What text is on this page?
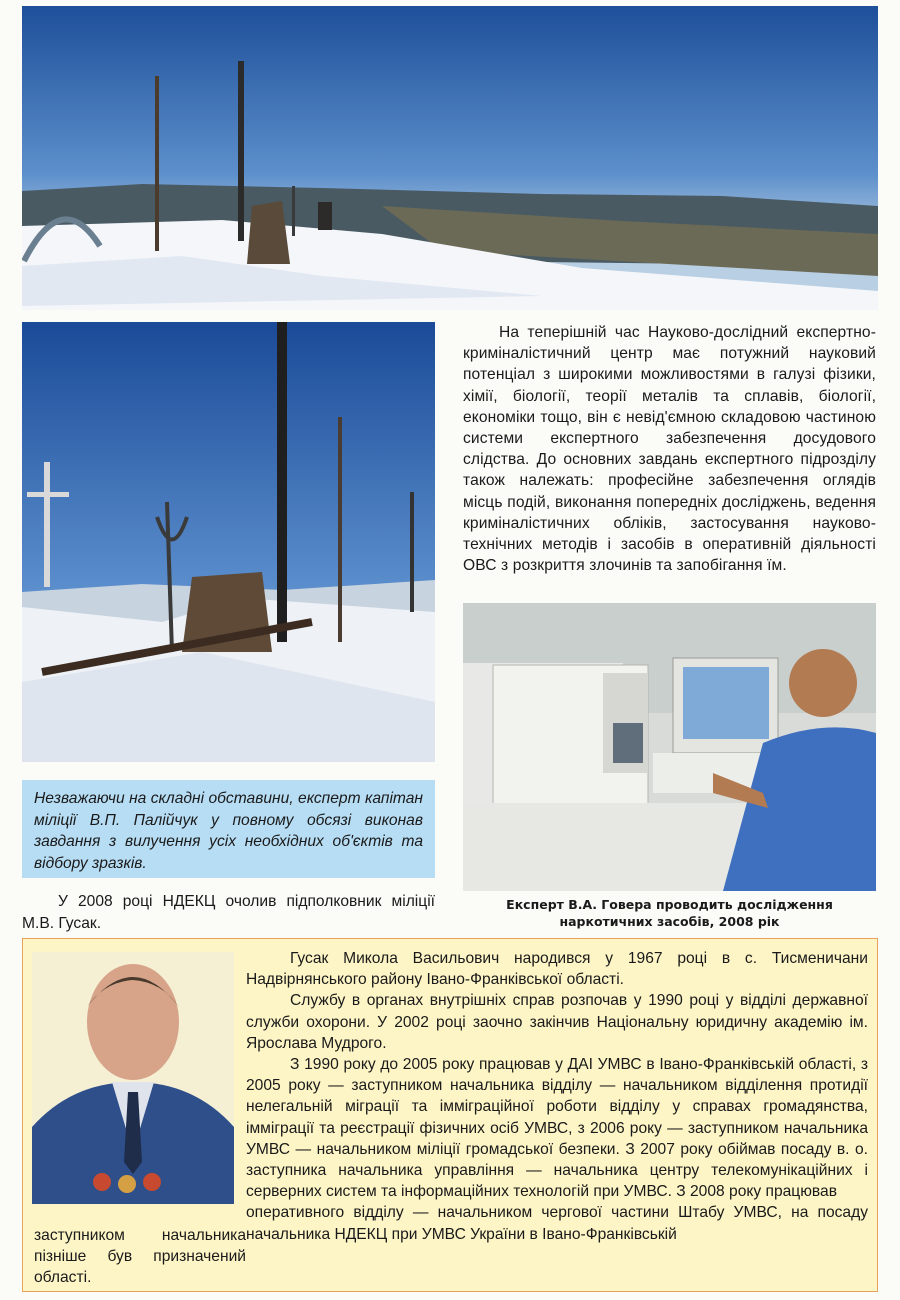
На теперішній час Науково-дослідний експертно-криміналістичний центр має потужний науковий потенціал з широкими можливостями в галузі фізики, хімії, біології, теорії металів та сплавів, біології, економіки тощо, він є невід'ємною складовою частиною системи експертного забезпечення досудового слідства. До основних завдань експертного підрозділу також належать: професійне забезпечення оглядів місць подій, виконання попередніх досліджень, ведення криміналістичних обліків, застосування науково-технічних методів і засобів в оперативній діяльності ОВС з розкриття злочинів та запобігання їм.

Незважаючи на складні обставини, експерт капітан міліції В.П. Палійчук у повному обсязі виконав завдання з вилучення усіх необхідних об'єктів та відбору зразків.

У 2008 році НДЕКЦ очолив підполковник міліції М.В. Гусак.

Експерт В.А. Говера проводить дослідження наркотичних засобів, 2008 рік

Гусак Микола Васильович народився у 1967 році в с. Тисменичани Надвірнянського району Івано-Франківської області.

Службу в органах внутрішніх справ розпочав у 1990 році у відділі державної служби охорони. У 2002 році заочно закінчив Національну юридичну академію ім. Ярослава Мудрого.

З 1990 року до 2005 року працював у ДАІ УМВС в Івано-Франківській області, з 2005 року — заступником начальника відділу — начальником відділення протидії нелегальній міграції та імміграційної роботи відділу у справах громадянства, імміграції та реєстрації фізичних осіб УМВС, з 2006 року — заступником начальника УМВС — начальником міліції громадської безпеки. З 2007 року обіймав посаду в. о. заступника начальника управління — начальника центру телекомунікаційних і серверних систем та інформаційних технологій при УМВС. З 2008 року працював

оперативного відділу — начальником чергової частини Штабу УМВС, на посаду начальника НДЕКЦ при УМВС України в Івано-Франківській

заступником начальника пізніше був призначений області.
